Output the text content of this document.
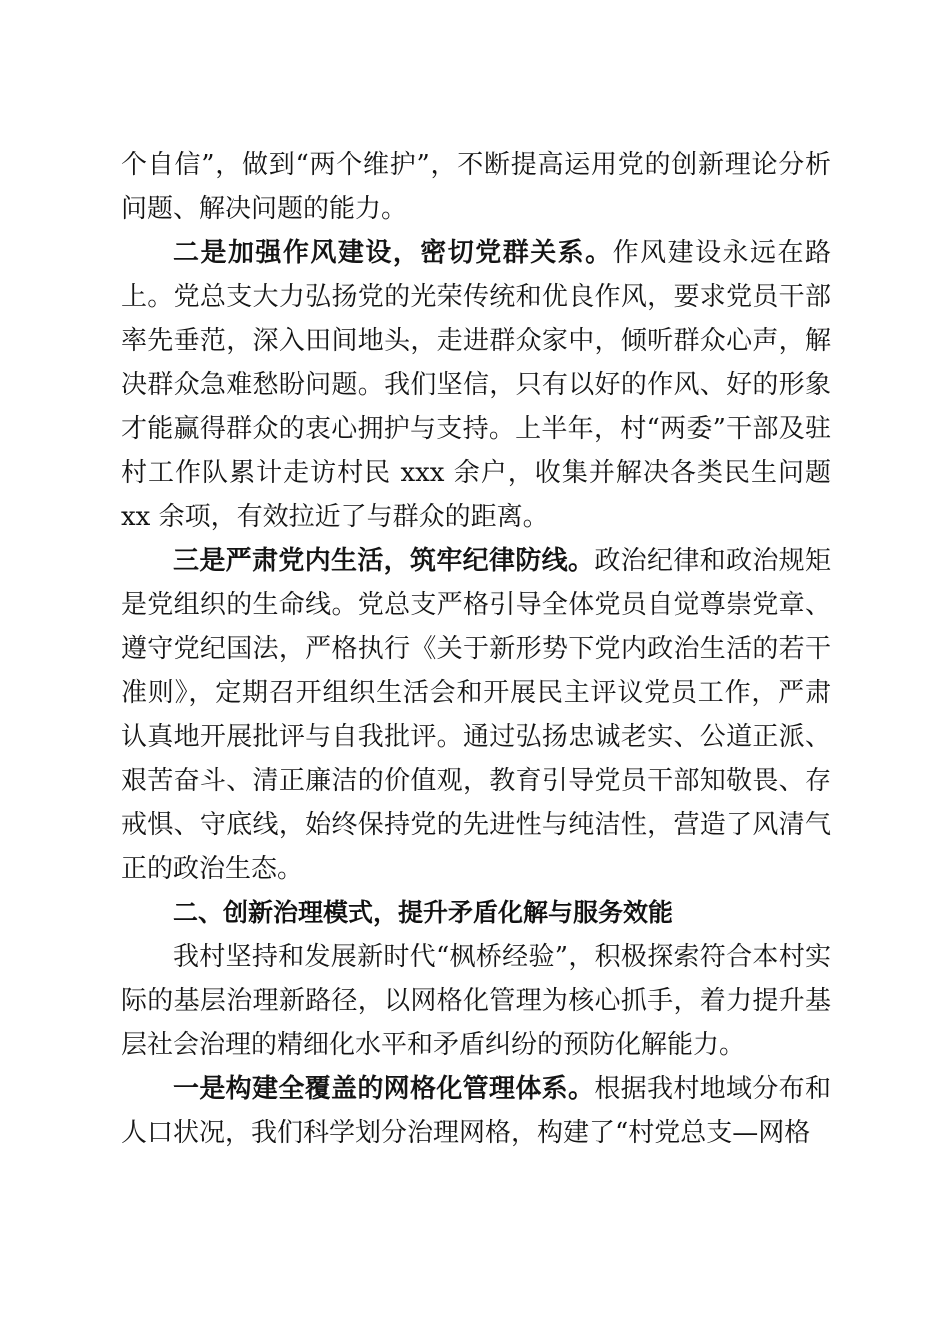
个自信”，做到“两个维护”，不断提高运用党的创新理论分析问题、解决问题的能力。

二是加强作风建设，密切党群关系。作风建设永远在路上。党总支大力弘扬党的光荣传统和优良作风，要求党员干部率先垂范，深入田间地头，走进群众家中，倾听群众心声，解决群众急难愁盼问题。我们坚信，只有以好的作风、好的形象才能赢得群众的衷心拥护与支持。上半年，村“两委”干部及驻村工作队累计走访村民 xxx 余户，收集并解决各类民生问题 xx 余项，有效拉近了与群众的距离。

三是严肃党内生活，筑牢纪律防线。政治纪律和政治规矩是党组织的生命线。党总支严格引导全体党员自觉尊崇党章、遵守党纪国法，严格执行《关于新形势下党内政治生活的若干准则》，定期召开组织生活会和开展民主评议党员工作，严肃认真地开展批评与自我批评。通过弘扬忠诚老实、公道正派、艰苦奋斗、清正廉洁的价值观，教育引导党员干部知敬畏、存戒惧、守底线，始终保持党的先进性与纯洁性，营造了风清气正的政治生态。

二、创新治理模式，提升矛盾化解与服务效能

我村坚持和发展新时代“枫桥经验”，积极探索符合本村实际的基层治理新路径，以网格化管理为核心抓手，着力提升基层社会治理的精细化水平和矛盾纠纷的预防化解能力。

一是构建全覆盖的网格化管理体系。根据我村地域分布和人口状况，我们科学划分治理网格，构建了“村党总支—网格
